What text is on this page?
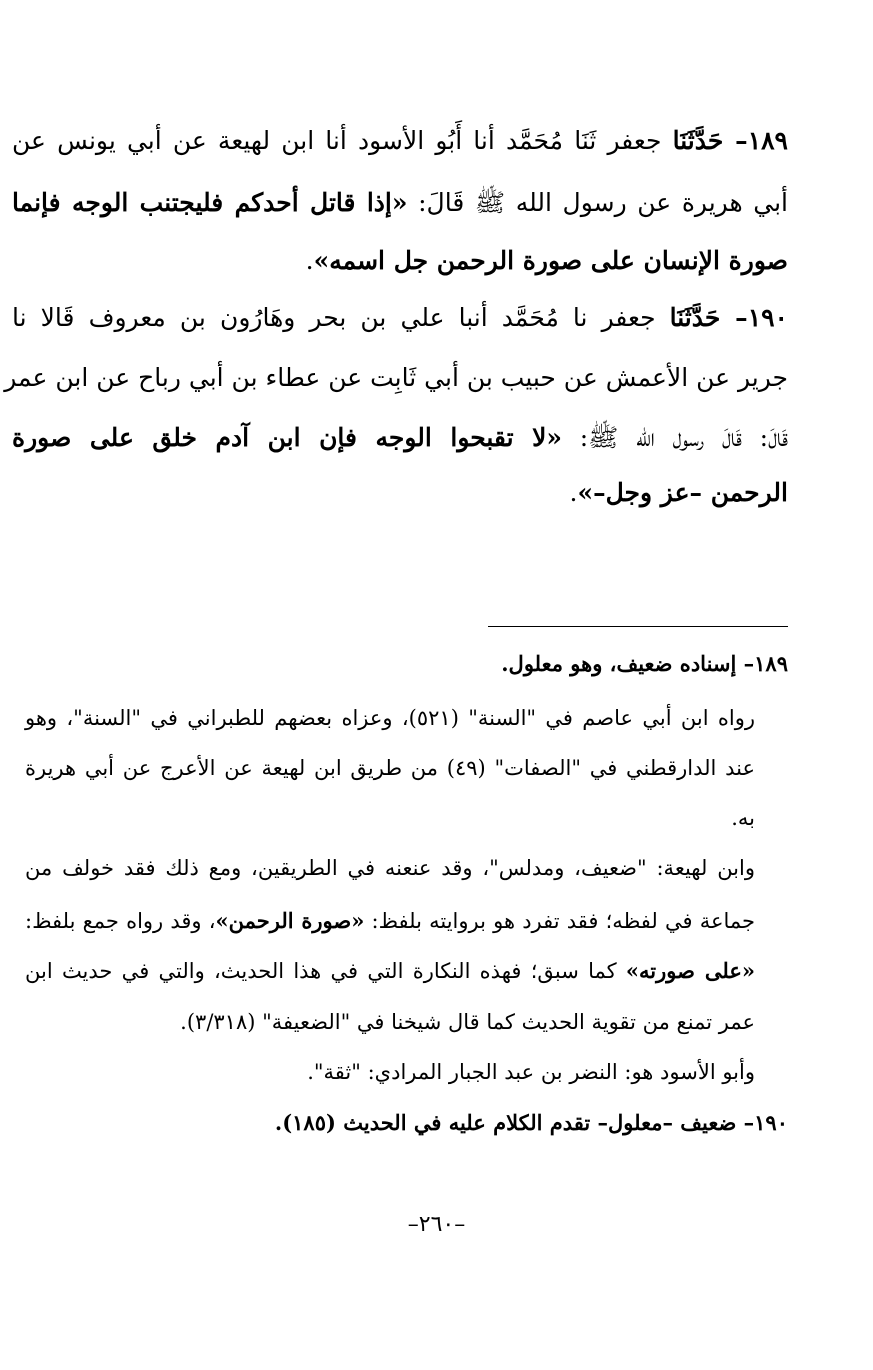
١٨٩– حَدَّثَنَا جعفر ثَنَا مُحَمَّد أنا أَبُو الأسود أنا ابن لهيعة عن أبي يونس عن
أبي هريرة عن رسول الله ﷺ قَالَ: «إذا قاتل أحدكم فليجتنب الوجه فإنما
صورة الإنسان على صورة الرحمن جل اسمه».
١٩٠– حَدَّثَنَا جعفر نا مُحَمَّد أنبا علي بن بحر وهَارُون بن معروف قَالا نا
جرير عن الأعمش عن حبيب بن أبي ثَابِت عن عطاء بن أبي رباح عن ابن عمر
قَالَ: قَالَ رسول الله ﷺ: «لا تقبحوا الوجه فإن ابن آدم خلق على صورة
الرحمن –عز وجل–».
١٨٩– إسناده ضعيف، وهو معلول.
رواه ابن أبي عاصم في "السنة" (٥٢١)، وعزاه بعضهم للطبراني في "السنة"، وهو
عند الدارقطني في "الصفات" (٤٩) من طريق ابن لهيعة عن الأعرج عن أبي هريرة
به.
وابن لهيعة: "ضعيف، ومدلس"، وقد عنعنه في الطريقين، ومع ذلك فقد خولف من
جماعة في لفظه؛ فقد تفرد هو بروايته بلفظ: «صورة الرحمن»، وقد رواه جمع بلفظ:
«على صورته» كما سبق؛ فهذه النكارة التي في هذا الحديث، والتي في حديث ابن
عمر تمنع من تقوية الحديث كما قال شيخنا في "الضعيفة" (٣/٣١٨).
وأبو الأسود هو: النضر بن عبد الجبار المرادي: "ثقة".
١٩٠– ضعيف –معلول– تقدم الكلام عليه في الحديث (١٨٥).
–٢٦٠–
